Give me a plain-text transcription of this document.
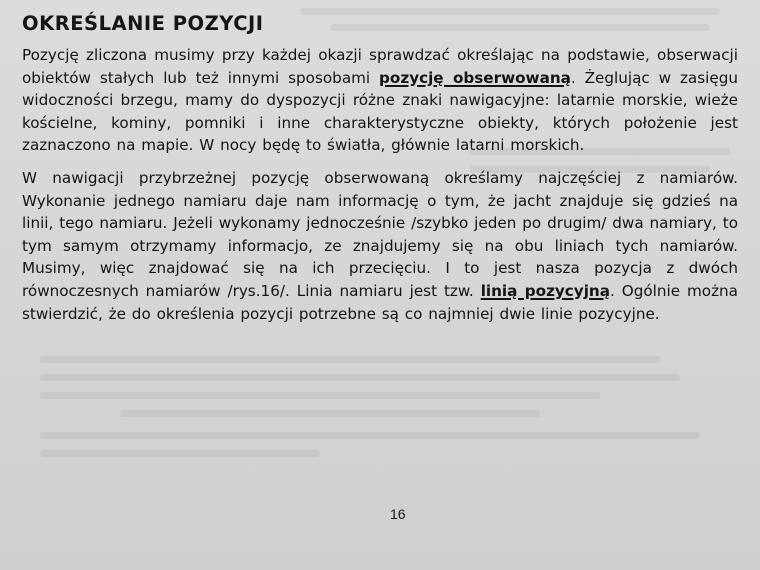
OKREŚLANIE POZYCJI

Pozycję zliczona musimy przy każdej okazji sprawdzać określając na podstawie, obserwacji obiektów stałych lub też innymi sposobami pozycję obserwowaną. Żeglując w zasięgu widoczności brzegu, mamy do dyspozycji różne znaki nawigacyjne: latarnie morskie, wieże kościelne, kominy, pomniki i inne charakterystyczne obiekty, których położenie jest zaznaczono na mapie. W nocy będę to światła, głównie latarni morskich.

W nawigacji przybrzeżnej pozycję obserwowaną określamy najczęściej z namiarów. Wykonanie jednego namiaru daje nam informację o tym, że jacht znajduje się gdzieś na linii, tego namiaru. Jeżeli wykonamy jednocześnie /szybko jeden po drugim/ dwa namiary, to tym samym otrzymamy informacjo, ze znajdujemy się na obu liniach tych namiarów. Musimy, więc znajdować się na ich przecięciu. I to jest nasza pozycja z dwóch równoczesnych namiarów /rys.16/. Linia namiaru jest tzw. linią pozycyjną. Ogólnie można stwierdzić, że do określenia pozycji potrzebne są co najmniej dwie linie pozycyjne.

16
